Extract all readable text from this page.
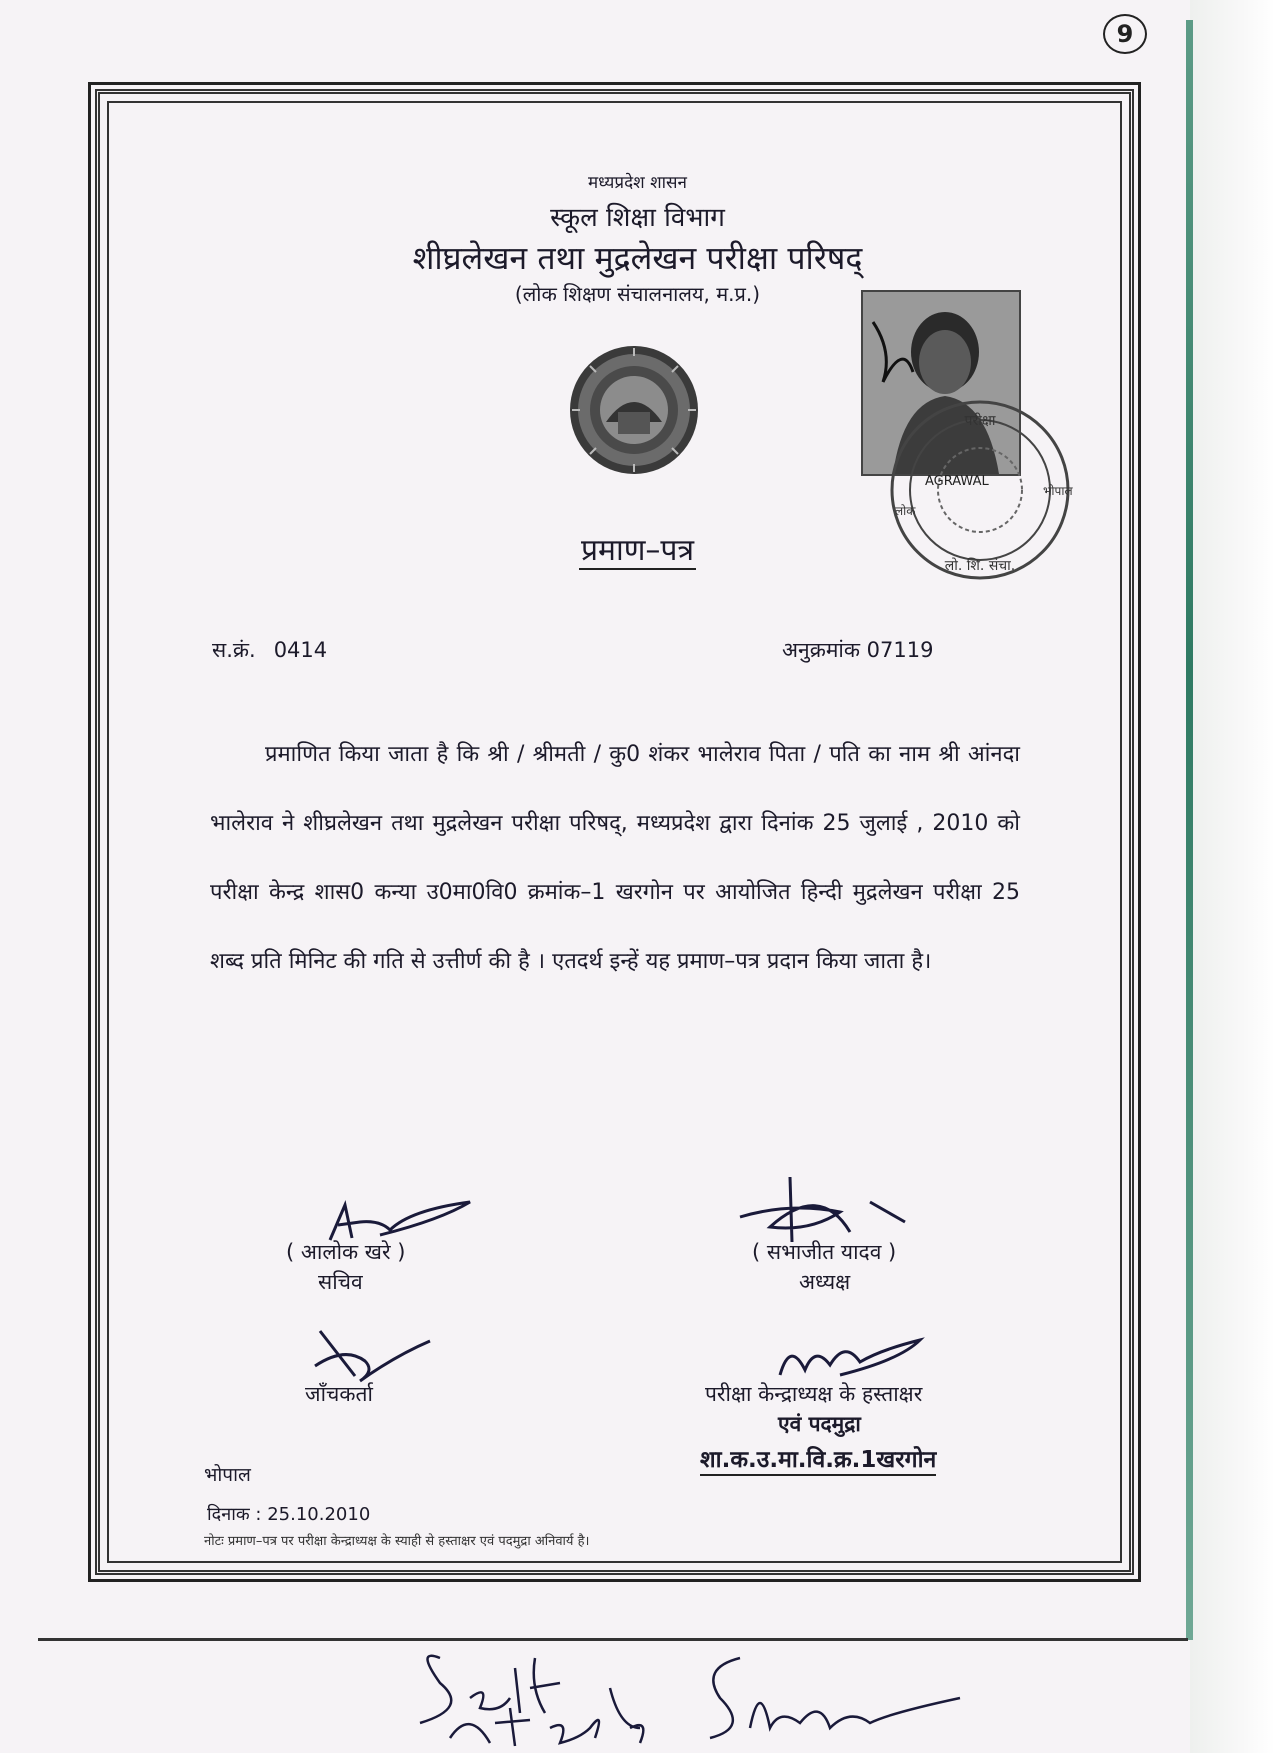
9
मध्यप्रदेश शासन
स्कूल शिक्षा विभाग
शीघ्रलेखन तथा मुद्रलेखन परीक्षा परिषद्
(लोक शिक्षण संचालनालय, म.प्र.)
परीक्षा
भोपाल
लो. शि. संचा.
AGRAWAL
लोक
प्रमाण–पत्र
स.क्रं. 0414	अनुक्रमांक 07119
प्रमाणित किया जाता है कि श्री / श्रीमती / कु0 शंकर भालेराव पिता / पति का नाम श्री आंनदा भालेराव ने शीघ्रलेखन तथा मुद्रलेखन परीक्षा परिषद्, मध्यप्रदेश द्वारा दिनांक 25 जुलाई , 2010 को परीक्षा केन्द्र शास0 कन्या उ0मा0वि0 क्रमांक–1 खरगोन पर आयोजित हिन्दी मुद्रलेखन परीक्षा 25 शब्द प्रति मिनिट की गति से उत्तीर्ण की है । एतदर्थ इन्हें यह प्रमाण–पत्र प्रदान किया जाता है।
( आलोक खरे )
सचिव
( सभाजीत यादव )
अध्यक्ष
जाँचकर्ता	परीक्षा केन्द्राध्यक्ष के हस्ताक्षर
एवं पदमुद्रा
शा.क.उ.मा.वि.क्र.1खरगोन
भोपाल
दिनाक : 25.10.2010
नोटः प्रमाण–पत्र पर परीक्षा केन्द्राध्यक्ष के स्याही से हस्ताक्षर एवं पदमुद्रा अनिवार्य है।
